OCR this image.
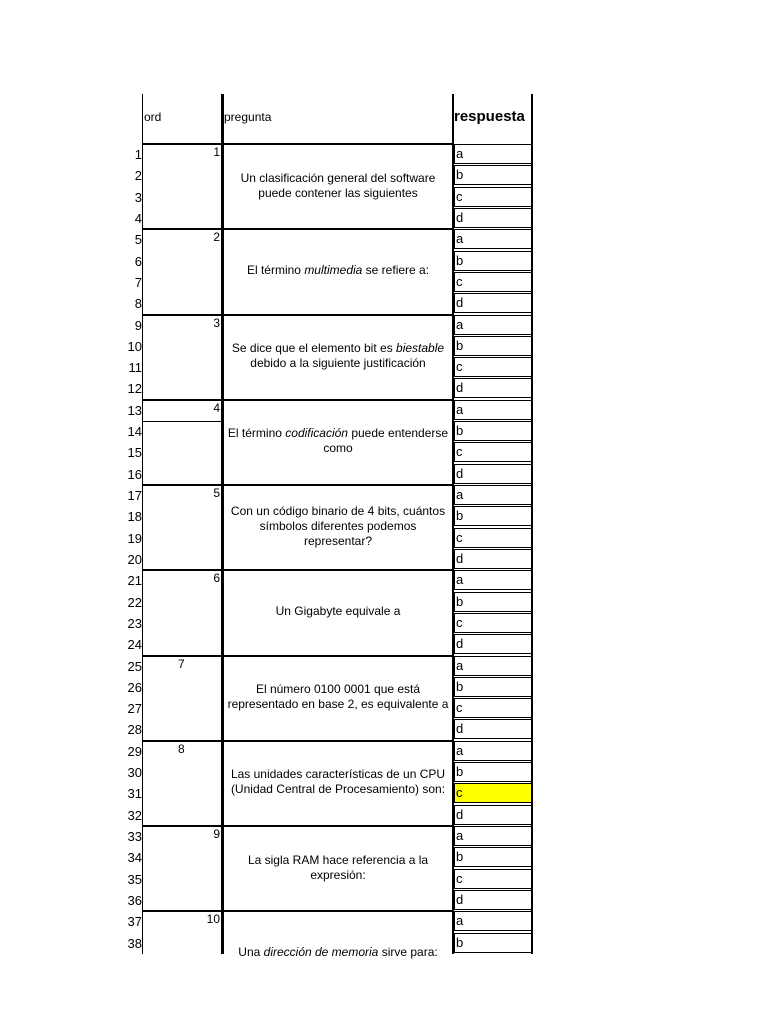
ord	pregunta	respuesta
1
Un clasificación general del software puede contener las siguientes
1	a
2	b
3	c
4	d
2
El término multimedia se refiere a:
5	a
6	b
7	c
8	d
3
Se dice que el elemento bit es biestable debido a la siguiente justificación
9	a
10	b
11	c
12	d
4
El término codificación puede entenderse como
13	a
14	b
15	c
16	d
5
Con un código binario de 4 bits, cuántos símbolos diferentes podemos representar?
17	a
18	b
19	c
20	d
6
Un Gigabyte equivale a
21	a
22	b
23	c
24	d
7
El número 0100 0001 que está representado en base 2, es equivalente a
25	a
26	b
27	c
28	d
8
Las unidades características de un CPU (Unidad Central de Procesamiento) son:
29	a
30	b
31	c
32	d
9
La sigla RAM hace referencia a la expresión:
33	a
34	b
35	c
36	d
10
Una dirección de memoria sirve para:
37	a
38	b
